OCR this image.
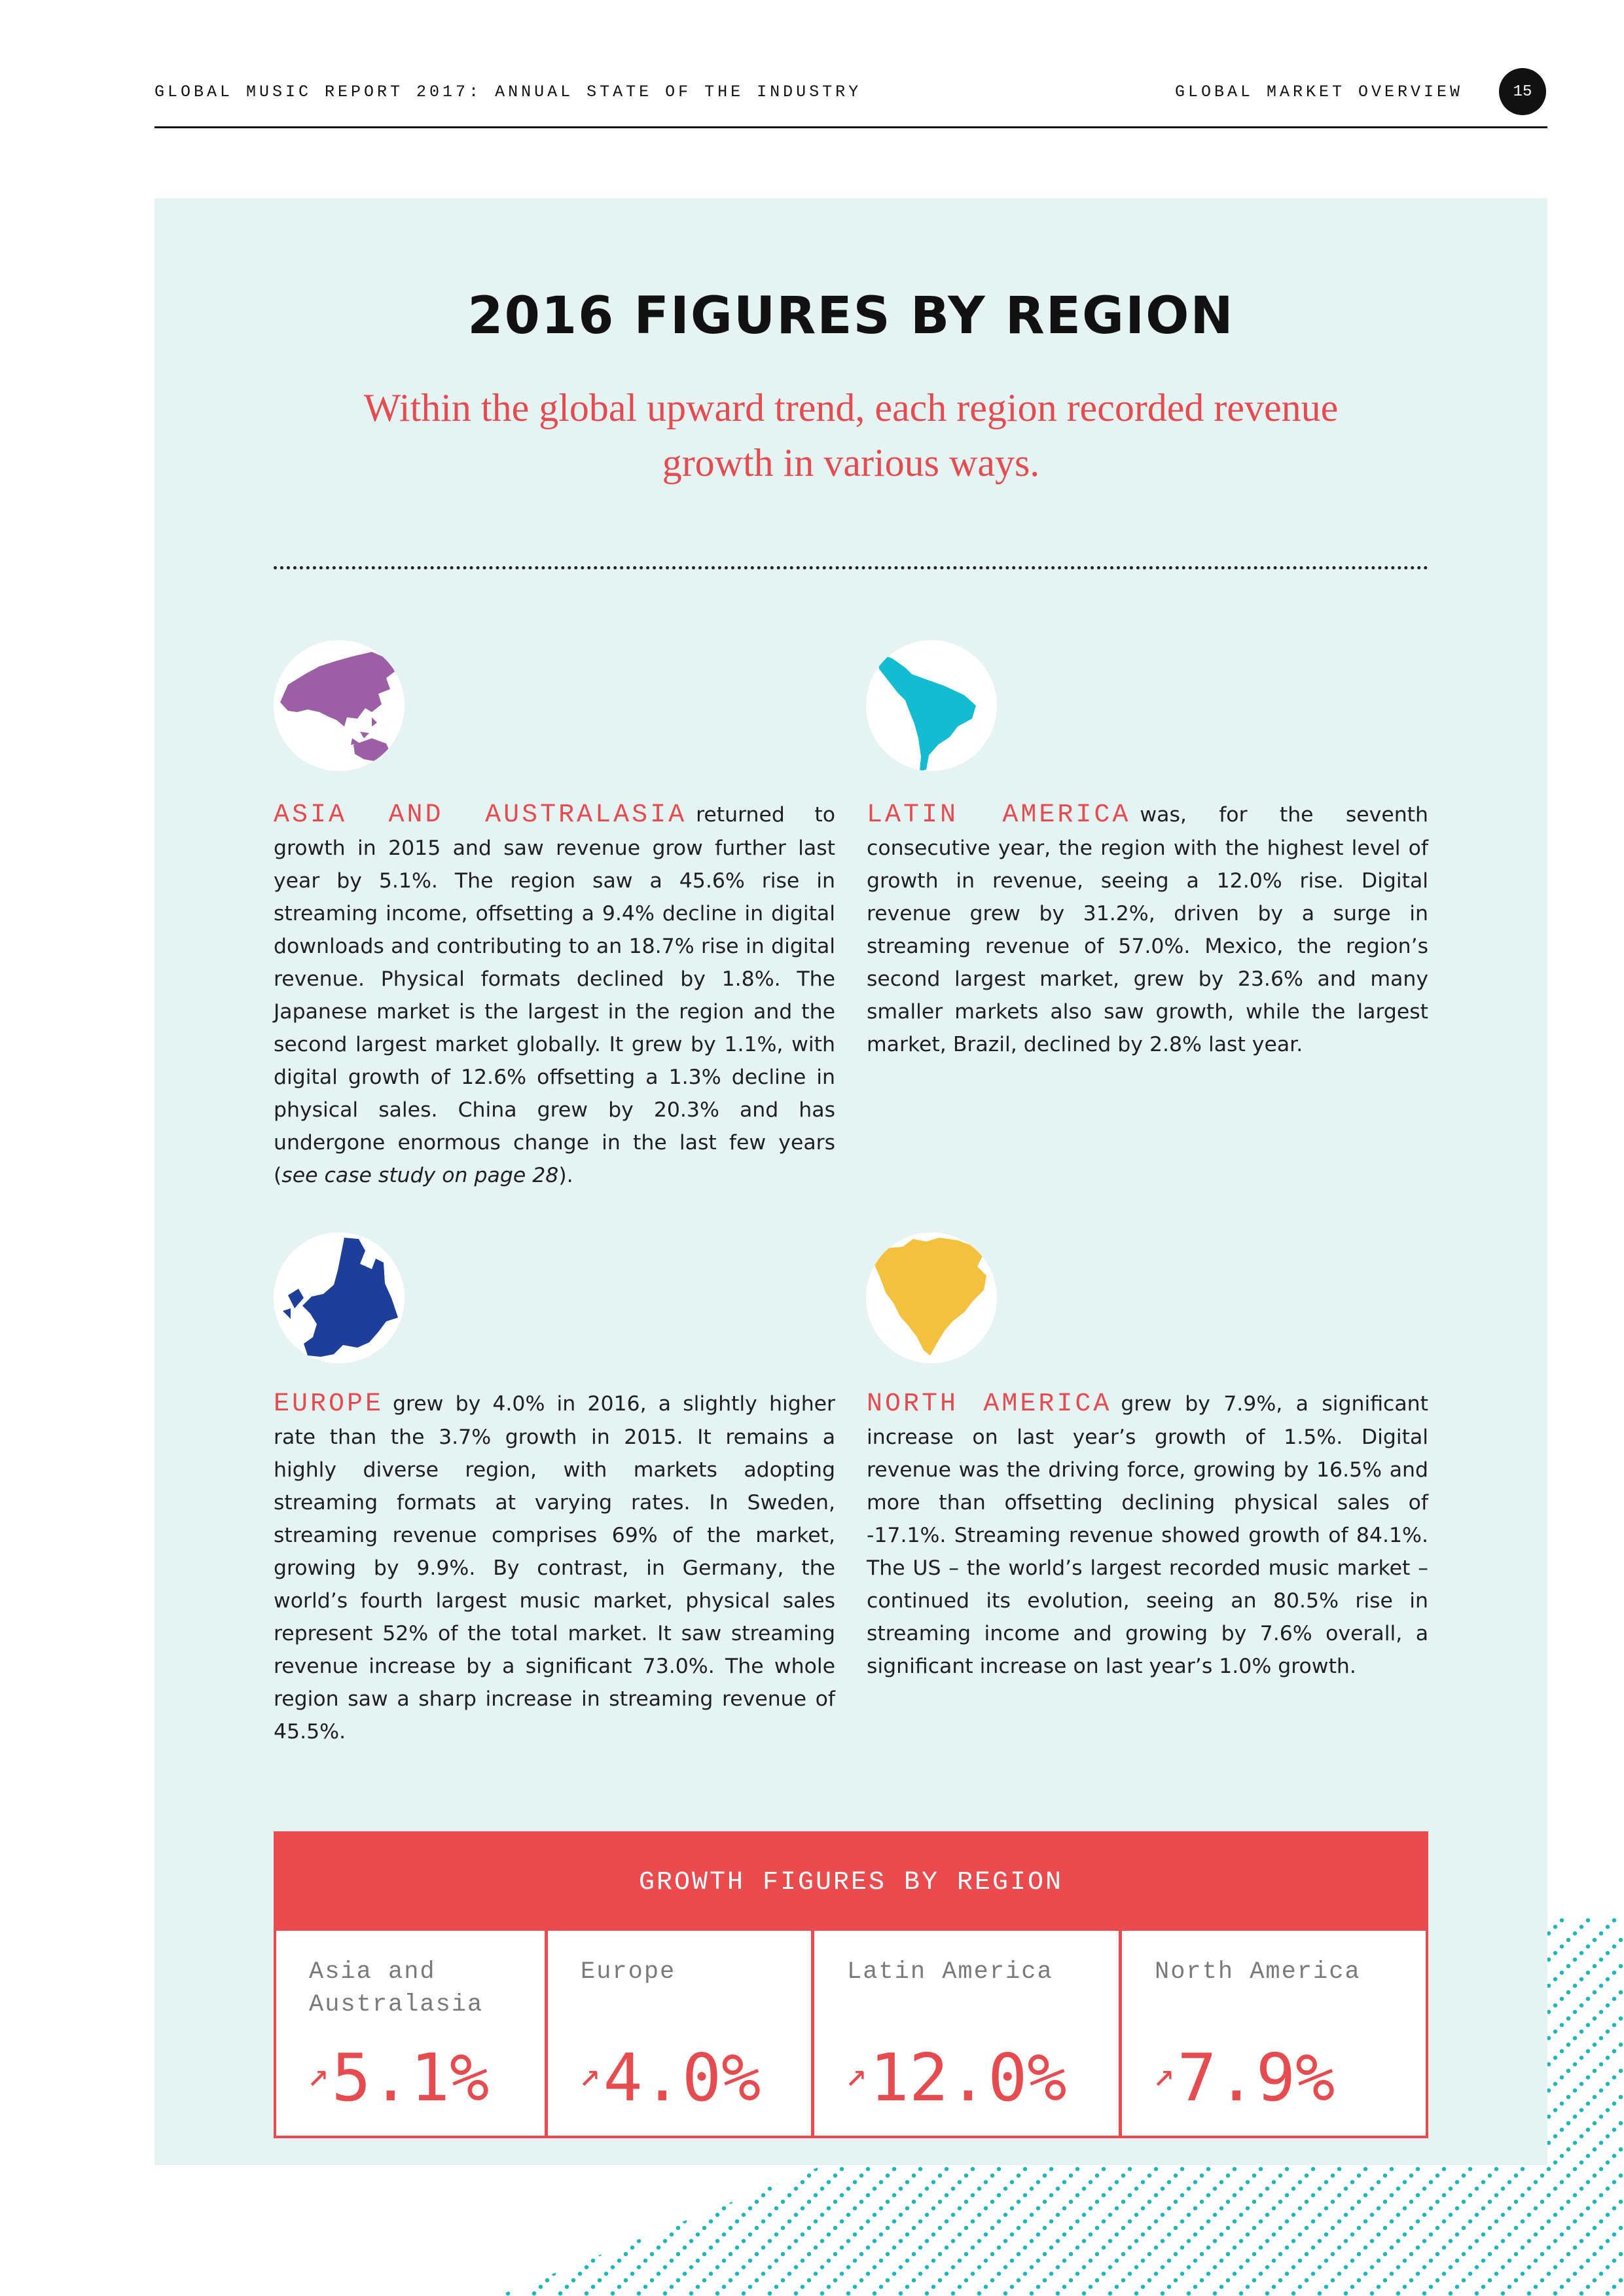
GLOBAL MUSIC REPORT 2017: ANNUAL STATE OF THE INDUSTRY	GLOBAL MARKET OVERVIEW	15
2016 FIGURES BY REGION
Within the global upward trend, each region recorded revenue growth in various ways.

ASIA AND AUSTRALASIA returned to growth in 2015 and saw revenue grow further last year by 5.1%. The region saw a 45.6% rise in streaming income, offsetting a 9.4% decline in digital downloads and contributing to an 18.7% rise in digital revenue. Physical formats declined by 1.8%. The Japanese market is the largest in the region and the second largest market globally. It grew by 1.1%, with digital growth of 12.6% offsetting a 1.3% decline in physical sales. China grew by 20.3% and has undergone enormous change in the last few years (see case study on page 28).

LATIN AMERICA was, for the seventh consecutive year, the region with the highest level of growth in revenue, seeing a 12.0% rise. Digital revenue grew by 31.2%, driven by a surge in streaming revenue of 57.0%. Mexico, the region’s second largest market, grew by 23.6% and many smaller markets also saw growth, while the largest market, Brazil, declined by 2.8% last year.

EUROPE grew by 4.0% in 2016, a slightly higher rate than the 3.7% growth in 2015. It remains a highly diverse region, with markets adopting streaming formats at varying rates. In Sweden, streaming revenue comprises 69% of the market, growing by 9.9%. By contrast, in Germany, the world’s fourth largest music market, physical sales represent 52% of the total market. It saw streaming revenue increase by a significant 73.0%. The whole region saw a sharp increase in streaming revenue of 45.5%.

NORTH AMERICA grew by 7.9%, a significant increase on last year’s growth of 1.5%. Digital revenue was the driving force, growing by 16.5% and more than offsetting declining physical sales of -17.1%. Streaming revenue showed growth of 84.1%. The US – the world’s largest recorded music market – continued its evolution, seeing an 80.5% rise in streaming income and growing by 7.6% overall, a significant increase on last year’s 1.0% growth.

GROWTH FIGURES BY REGION
Asia and Australasia
↗5.1%
Europe
↗4.0%
Latin America
↗12.0%
North America
↗7.9%
